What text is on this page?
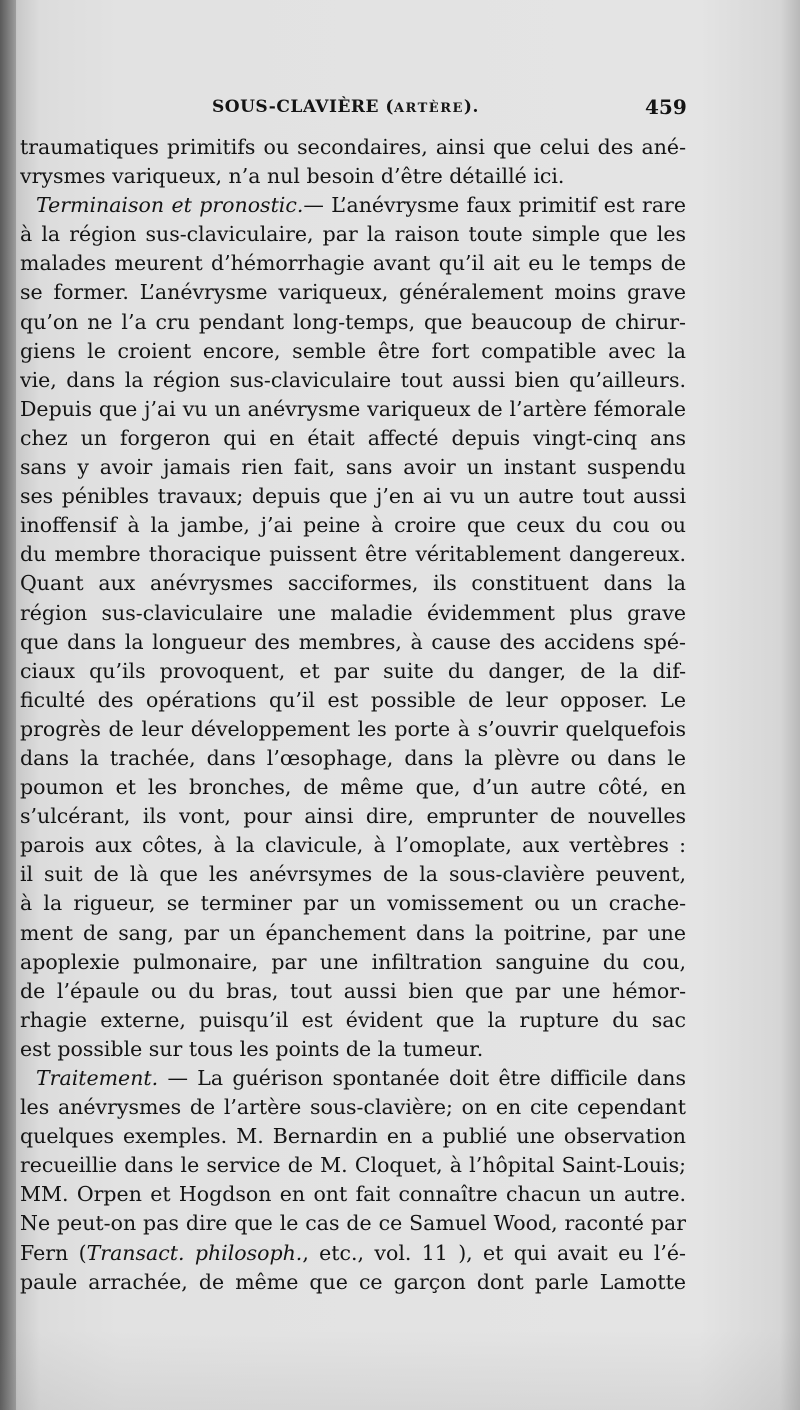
SOUS-CLAVIÈRE (ARTÈRE).	459
traumatiques primitifs ou secondaires, ainsi que celui des ané-
vrysmes variqueux, n’a nul besoin d’être détaillé ici.
Terminaison et pronostic.— L’anévrysme faux primitif est rare
à la région sus-claviculaire, par la raison toute simple que les
malades meurent d’hémorrhagie avant qu’il ait eu le temps de
se former. L’anévrysme variqueux, généralement moins grave
qu’on ne l’a cru pendant long-temps, que beaucoup de chirur-
giens le croient encore, semble être fort compatible avec la
vie, dans la région sus-claviculaire tout aussi bien qu’ailleurs.
Depuis que j’ai vu un anévrysme variqueux de l’artère fémorale
chez un forgeron qui en était affecté depuis vingt-cinq ans
sans y avoir jamais rien fait, sans avoir un instant suspendu
ses pénibles travaux; depuis que j’en ai vu un autre tout aussi
inoffensif à la jambe, j’ai peine à croire que ceux du cou ou
du membre thoracique puissent être véritablement dangereux.
Quant aux anévrysmes sacciformes, ils constituent dans la
région sus-claviculaire une maladie évidemment plus grave
que dans la longueur des membres, à cause des accidens spé-
ciaux qu’ils provoquent, et par suite du danger, de la dif-
ficulté des opérations qu’il est possible de leur opposer. Le
progrès de leur développement les porte à s’ouvrir quelquefois
dans la trachée, dans l’œsophage, dans la plèvre ou dans le
poumon et les bronches, de même que, d’un autre côté, en
s’ulcérant, ils vont, pour ainsi dire, emprunter de nouvelles
parois aux côtes, à la clavicule, à l’omoplate, aux vertèbres :
il suit de là que les anévrsymes de la sous-clavière peuvent,
à la rigueur, se terminer par un vomissement ou un crache-
ment de sang, par un épanchement dans la poitrine, par une
apoplexie pulmonaire, par une infiltration sanguine du cou,
de l’épaule ou du bras, tout aussi bien que par une hémor-
rhagie externe, puisqu’il est évident que la rupture du sac
est possible sur tous les points de la tumeur.
Traitement. — La guérison spontanée doit être difficile dans
les anévrysmes de l’artère sous-clavière; on en cite cependant
quelques exemples. M. Bernardin en a publié une observation
recueillie dans le service de M. Cloquet, à l’hôpital Saint-Louis;
MM. Orpen et Hogdson en ont fait connaître chacun un autre.
Ne peut-on pas dire que le cas de ce Samuel Wood, raconté par
Fern (Transact. philosoph., etc., vol. 11 ), et qui avait eu l’é-
paule arrachée, de même que ce garçon dont parle Lamotte
